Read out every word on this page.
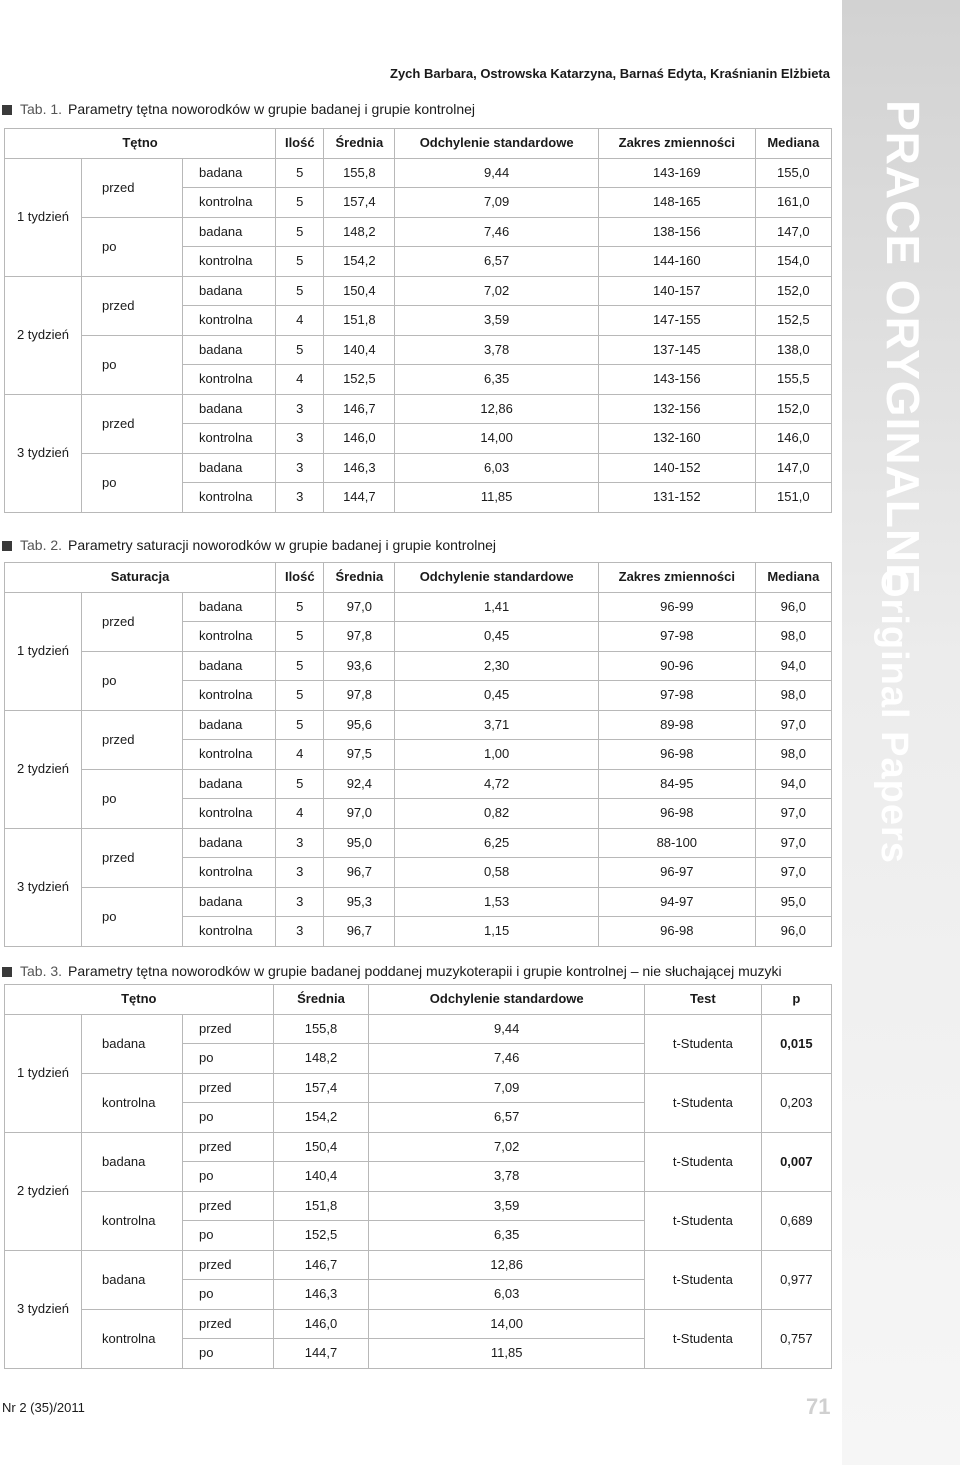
PRACE ORYGINALNE
Original Papers
Zych Barbara, Ostrowska Katarzyna, Barnaś Edyta, Kraśnianin Elżbieta
Tab. 1. Parametry tętna noworodków w grupie badanej i grupie kontrolnej
Tętno			Ilość	Średnia	Odchylenie standardowe	Zakres zmienności	Mediana
1 tydzień	przed	badana	5	155,8	9,44	143-169	155,0
		kontrolna	5	157,4	7,09	148-165	161,0
	po	badana	5	148,2	7,46	138-156	147,0
		kontrolna	5	154,2	6,57	144-160	154,0
2 tydzień	przed	badana	5	150,4	7,02	140-157	152,0
		kontrolna	4	151,8	3,59	147-155	152,5
	po	badana	5	140,4	3,78	137-145	138,0
		kontrolna	4	152,5	6,35	143-156	155,5
3 tydzień	przed	badana	3	146,7	12,86	132-156	152,0
		kontrolna	3	146,0	14,00	132-160	146,0
	po	badana	3	146,3	6,03	140-152	147,0
		kontrolna	3	144,7	11,85	131-152	151,0
Tab. 2. Parametry saturacji noworodków w grupie badanej i grupie kontrolnej
Saturacja			Ilość	Średnia	Odchylenie standardowe	Zakres zmienności	Mediana
1 tydzień	przed	badana	5	97,0	1,41	96-99	96,0
		kontrolna	5	97,8	0,45	97-98	98,0
	po	badana	5	93,6	2,30	90-96	94,0
		kontrolna	5	97,8	0,45	97-98	98,0
2 tydzień	przed	badana	5	95,6	3,71	89-98	97,0
		kontrolna	4	97,5	1,00	96-98	98,0
	po	badana	5	92,4	4,72	84-95	94,0
		kontrolna	4	97,0	0,82	96-98	97,0
3 tydzień	przed	badana	3	95,0	6,25	88-100	97,0
		kontrolna	3	96,7	0,58	96-97	97,0
	po	badana	3	95,3	1,53	94-97	95,0
		kontrolna	3	96,7	1,15	96-98	96,0
Tab. 3. Parametry tętna noworodków w grupie badanej poddanej muzykoterapii i grupie kontrolnej – nie słuchającej muzyki
Tętno			Średnia	Odchylenie standardowe	Test	p
1 tydzień	badana	przed	155,8	9,44	t-Studenta	0,015
		po	148,2	7,46		
	kontrolna	przed	157,4	7,09	t-Studenta	0,203
		po	154,2	6,57		
2 tydzień	badana	przed	150,4	7,02	t-Studenta	0,007
		po	140,4	3,78		
	kontrolna	przed	151,8	3,59	t-Studenta	0,689
		po	152,5	6,35		
3 tydzień	badana	przed	146,7	12,86	t-Studenta	0,977
		po	146,3	6,03		
	kontrolna	przed	146,0	14,00	t-Studenta	0,757
		po	144,7	11,85		
Nr 2 (35)/2011	71
